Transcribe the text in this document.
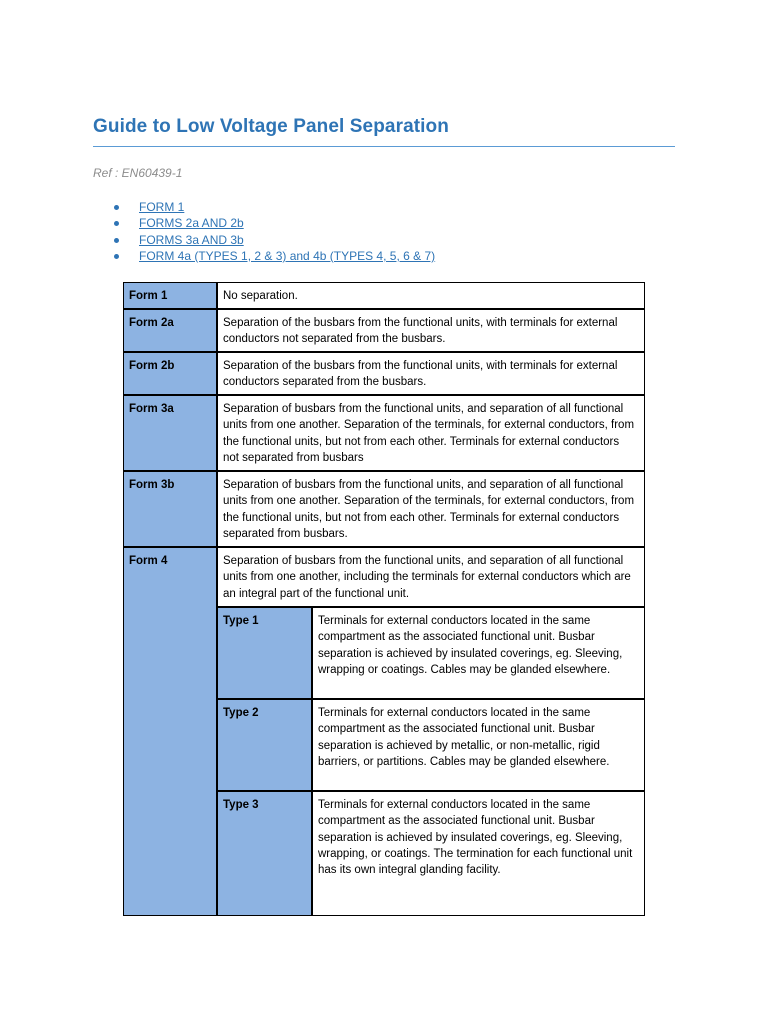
Guide to Low Voltage Panel Separation
Ref : EN60439-1
FORM 1
FORMS 2a AND 2b
FORMS 3a AND 3b
FORM 4a (TYPES 1, 2 & 3) and 4b (TYPES 4, 5, 6 & 7)
Form 1	No separation.
Form 2a	Separation of the busbars from the functional units, with terminals for external conductors not separated from the busbars.
Form 2b	Separation of the busbars from the functional units, with terminals for external conductors separated from the busbars.
Form 3a	Separation of busbars from the functional units, and separation of all functional units from one another. Separation of the terminals, for external conductors, from the functional units, but not from each other. Terminals for external conductors not separated from busbars
Form 3b	Separation of busbars from the functional units, and separation of all functional units from one another. Separation of the terminals, for external conductors, from the functional units, but not from each other. Terminals for external conductors separated from busbars.
Form 4	Separation of busbars from the functional units, and separation of all functional units from one another, including the terminals for external conductors which are an integral part of the functional unit.
Type 1	Terminals for external conductors located in the same compartment as the associated functional unit. Busbar separation is achieved by insulated coverings, eg. Sleeving, wrapping or coatings. Cables may be glanded elsewhere.
Type 2	Terminals for external conductors located in the same compartment as the associated functional unit. Busbar separation is achieved by metallic, or non-metallic, rigid barriers, or partitions. Cables may be glanded elsewhere.
Type 3	Terminals for external conductors located in the same compartment as the associated functional unit. Busbar separation is achieved by insulated coverings, eg. Sleeving, wrapping, or coatings. The termination for each functional unit has its own integral glanding facility.
